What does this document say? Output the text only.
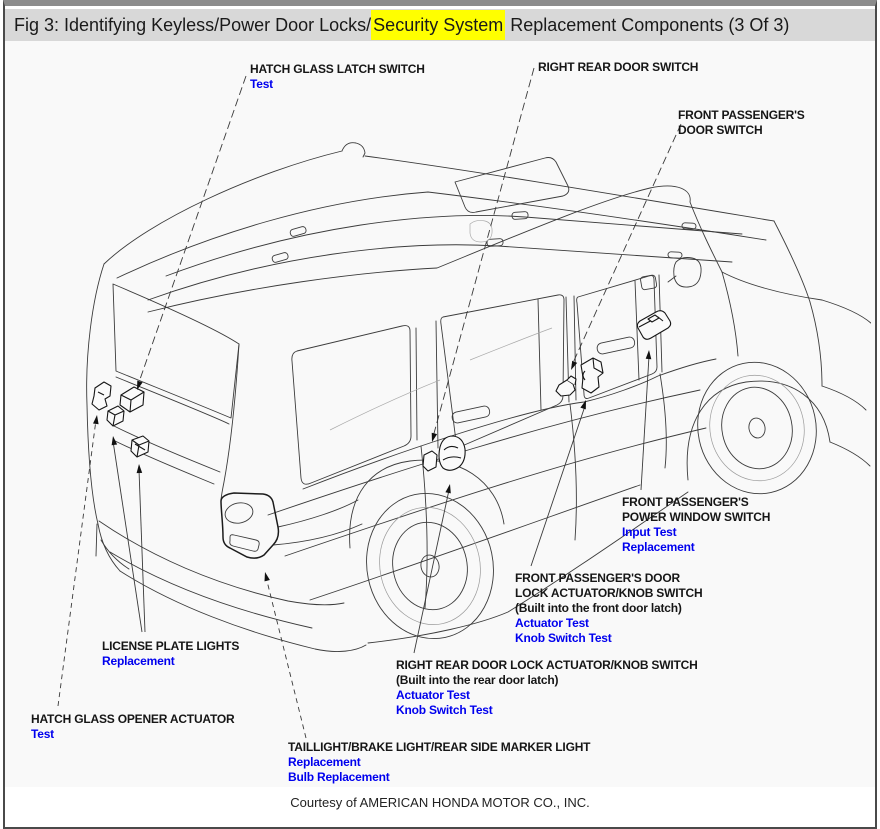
Fig 3: Identifying Keyless/Power Door Locks/ Security System Replacement Components (3 Of 3)
HATCH GLASS LATCH SWITCH
Test
RIGHT REAR DOOR SWITCH
FRONT PASSENGER'S
DOOR SWITCH
FRONT PASSENGER'S
POWER WINDOW SWITCH
Input Test
Replacement
FRONT PASSENGER'S DOOR
LOCK ACTUATOR/KNOB SWITCH
(Built into the front door latch)
Actuator Test
Knob Switch Test
RIGHT REAR DOOR LOCK ACTUATOR/KNOB SWITCH
(Built into the rear door latch)
Actuator Test
Knob Switch Test
LICENSE PLATE LIGHTS
Replacement
HATCH GLASS OPENER ACTUATOR
Test
TAILLIGHT/BRAKE LIGHT/REAR SIDE MARKER LIGHT
Replacement
Bulb Replacement
Courtesy of AMERICAN HONDA MOTOR CO., INC.
